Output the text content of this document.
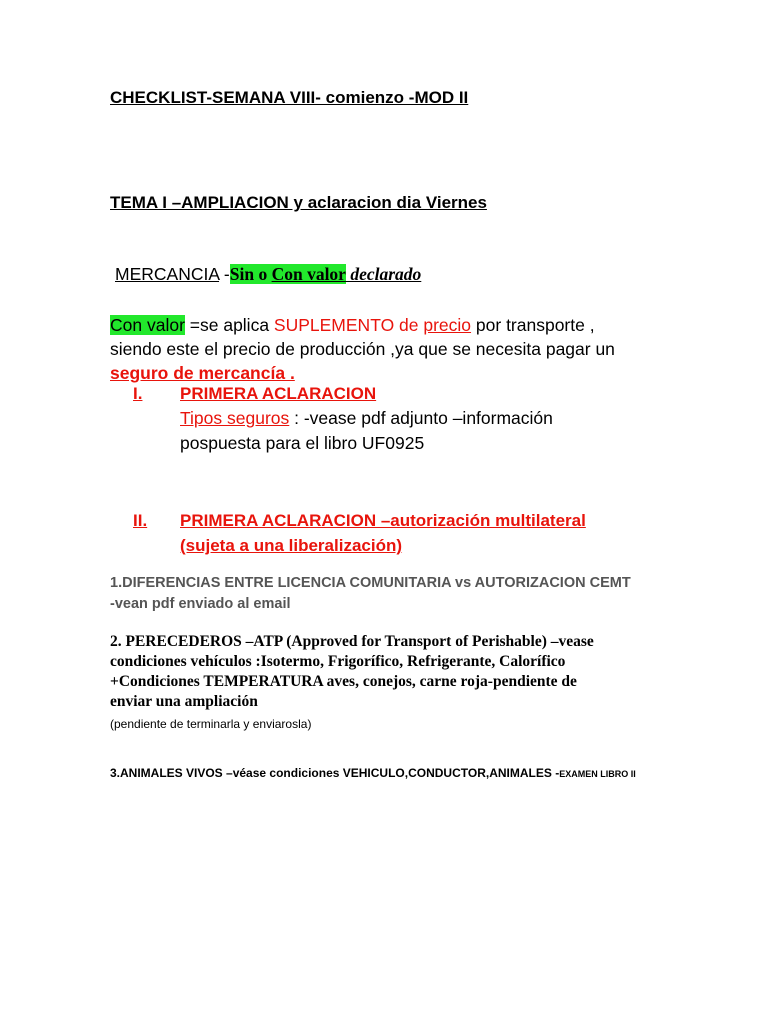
CHECKLIST-SEMANA VIII- comienzo -MOD II
TEMA I –AMPLIACION y aclaracion dia Viernes
MERCANCIA -Sin o Con valor declarado
Con valor =se aplica SUPLEMENTO de precio por transporte ,
siendo este el precio de producción ,ya que se necesita pagar un
seguro de mercancía .
I. PRIMERA ACLARACION
Tipos seguros : -vease pdf adjunto –información
pospuesta para el libro UF0925
II. PRIMERA ACLARACION –autorización multilateral
(sujeta a una liberalización)
1.DIFERENCIAS ENTRE LICENCIA COMUNITARIA vs AUTORIZACION CEMT
-vean pdf enviado al email
2. PERECEDEROS –ATP (Approved for Transport of Perishable) –vease
condiciones vehículos :Isotermo, Frigorífico, Refrigerante, Calorífico
+Condiciones TEMPERATURA aves, conejos, carne roja-pendiente de
enviar una ampliación
(pendiente de terminarla y enviarosla)
3.ANIMALES VIVOS –véase condiciones VEHICULO,CONDUCTOR,ANIMALES -EXAMEN LIBRO II
